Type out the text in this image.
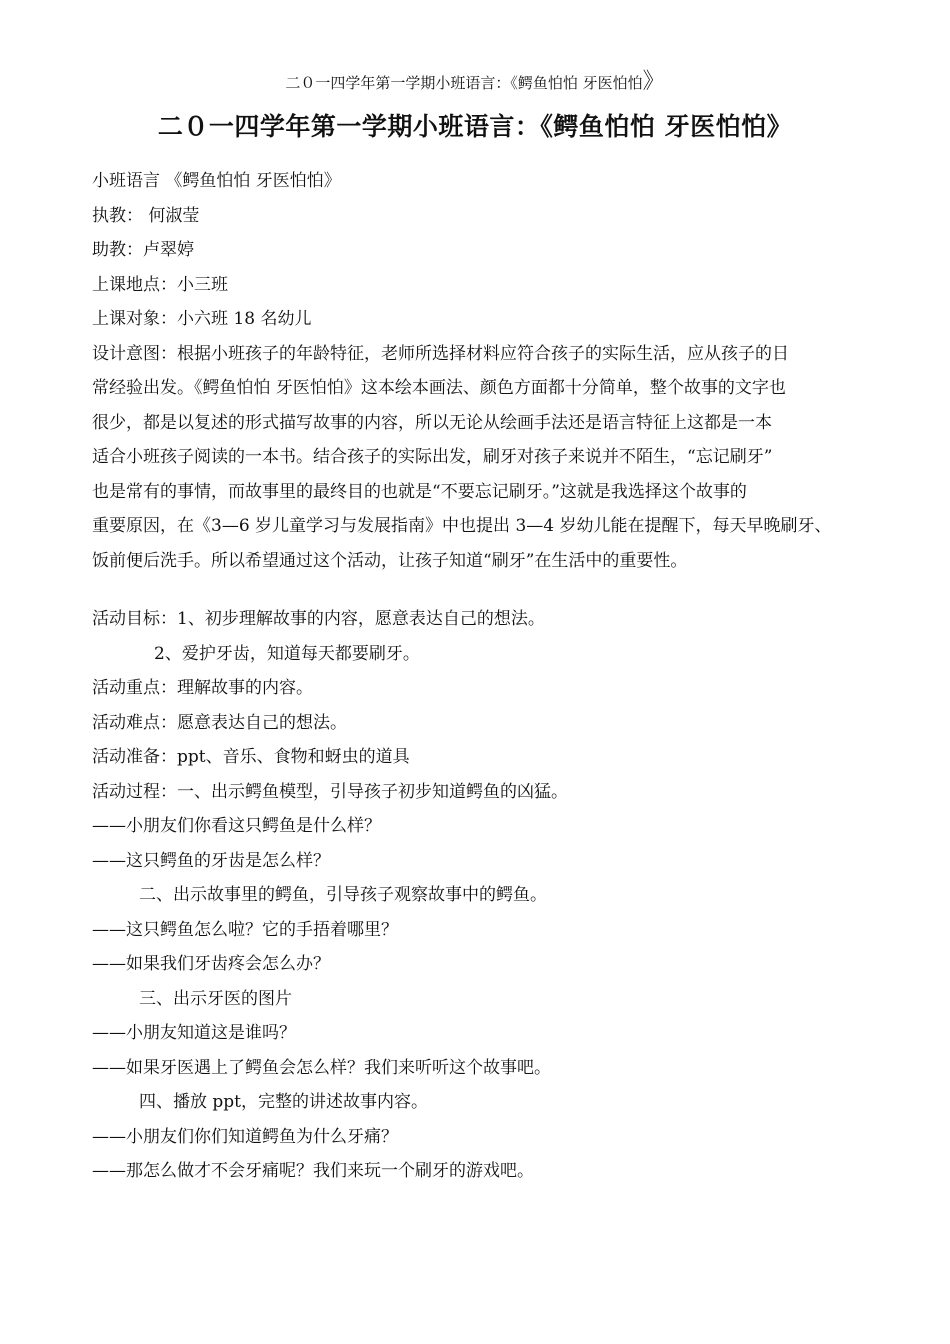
二０一四学年第一学期小班语言：《鳄鱼怕怕 牙医怕怕》
二０一四学年第一学期小班语言：《鳄鱼怕怕 牙医怕怕》
小班语言 《鳄鱼怕怕 牙医怕怕》
执教： 何淑莹
助教：卢翠婷
上课地点：小三班
上课对象：小六班 18 名幼儿
设计意图：根据小班孩子的年龄特征，老师所选择材料应符合孩子的实际生活，应从孩子的日
常经验出发。《鳄鱼怕怕 牙医怕怕》这本绘本画法、颜色方面都十分简单，整个故事的文字也
很少，都是以复述的形式描写故事的内容，所以无论从绘画手法还是语言特征上这都是一本
适合小班孩子阅读的一本书。结合孩子的实际出发，刷牙对孩子来说并不陌生，“忘记刷牙”
也是常有的事情，而故事里的最终目的也就是“不要忘记刷牙。”这就是我选择这个故事的
重要原因，在《3—6 岁儿童学习与发展指南》中也提出 3—4 岁幼儿能在提醒下，每天早晚刷牙、
饭前便后洗手。所以希望通过这个活动，让孩子知道“刷牙”在生活中的重要性。
活动目标：1、初步理解故事的内容，愿意表达自己的想法。
2、爱护牙齿，知道每天都要刷牙。
活动重点：理解故事的内容。
活动难点：愿意表达自己的想法。
活动准备：ppt、音乐、食物和蚜虫的道具
活动过程：一、出示鳄鱼模型，引导孩子初步知道鳄鱼的凶猛。
——小朋友们你看这只鳄鱼是什么样？
——这只鳄鱼的牙齿是怎么样？
二、出示故事里的鳄鱼，引导孩子观察故事中的鳄鱼。
——这只鳄鱼怎么啦？它的手捂着哪里？
——如果我们牙齿疼会怎么办？
三、出示牙医的图片
——小朋友知道这是谁吗？
——如果牙医遇上了鳄鱼会怎么样？我们来听听这个故事吧。
四、播放 ppt，完整的讲述故事内容。
——小朋友们你们知道鳄鱼为什么牙痛？
——那怎么做才不会牙痛呢？我们来玩一个刷牙的游戏吧。
